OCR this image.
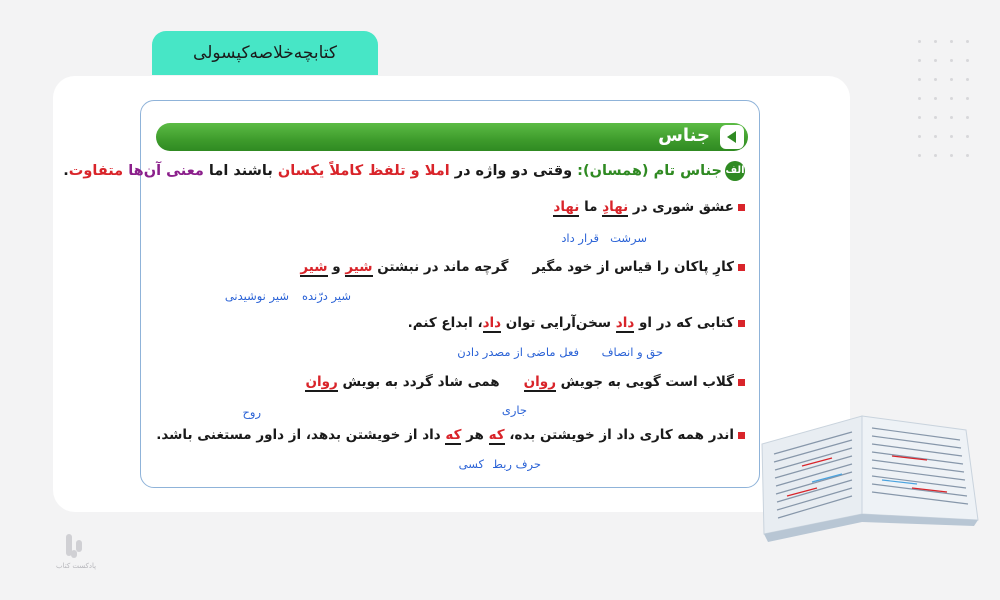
کتابچه‌خلاصه‌کپسولی
جناس
الفجناس تام (همسان): وقتی دو واژه در املا و تلفظ کاملاً یکسان باشند اما معنی آن‌ها متفاوت.
عشق شوری در نهادِ ما نهاد
سرشت
قرار داد
کارِ پاکان را قیاس از خود مگیرگرچه ماند در نبشتن شیر و شیر
شیر نوشیدنی شیر درّنده
کتابی که در او داد سخن‌آرایی توان داد، ابداع کنم.
حق و انصاف
فعل ماضی از مصدر دادن
گلاب است گویی به جویش روانهمی شاد گردد به بویش روان
جاری
روح
اندر همه کاری داد از خویشتن بده، که هر که داد از خویشتن بدهد، از داور مستغنی باشد.
حرف ربط
کسی
پادکست کتاب
